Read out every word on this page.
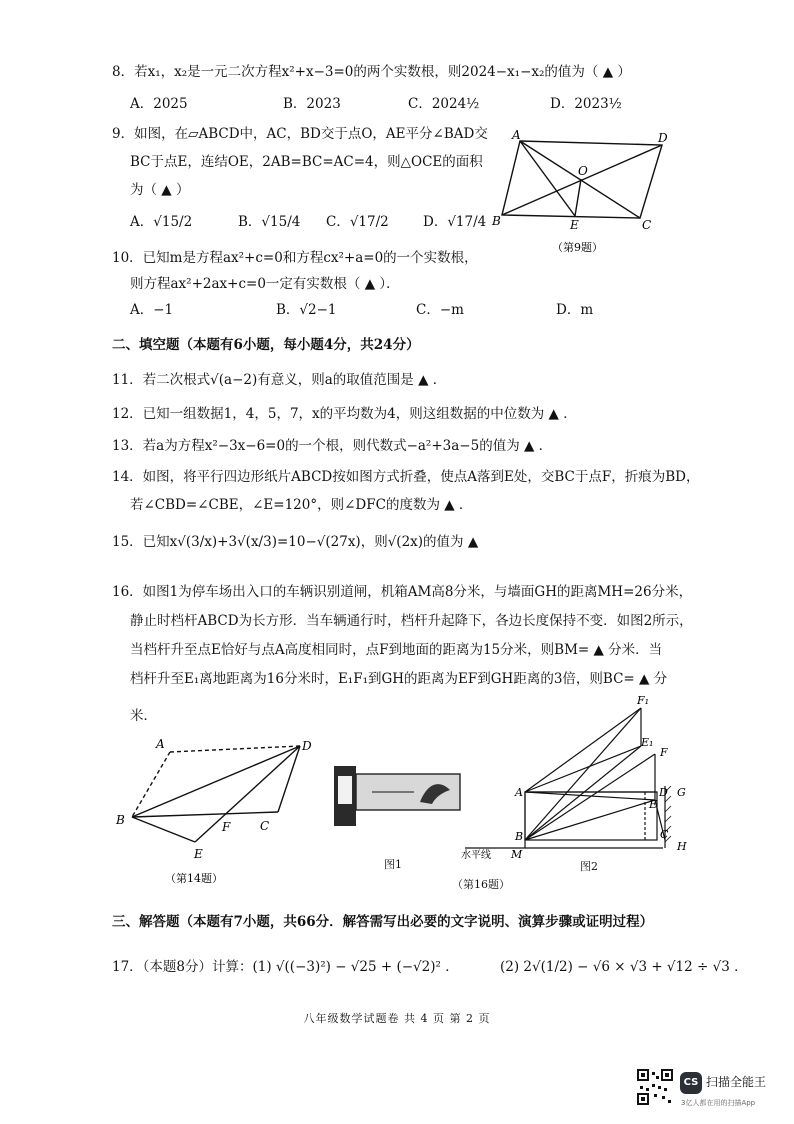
8．若x₁，x₂是一元二次方程x²+x−3=0的两个实数根，则2024−x₁−x₂的值为（ ▲ ）
A．2025	B．2023	C．2024½	D．2023½
9．如图，在▱ABCD中，AC，BD交于点O，AE平分∠BAD交
BC于点E，连结OE，2AB=BC=AC=4，则△OCE的面积
为（ ▲ ）
A．√15/2	B．√15/4 C．√17/2	D．√17/4
A	D
O
B	E	C
（第9题）
10．已知m是方程ax²+c=0和方程cx²+a=0的一个实数根，
则方程ax²+2ax+c=0一定有实数根（ ▲ ）．
A．−1	B．√2−1	C．−m	D．m
二、填空题（本题有6小题，每小题4分，共24分）
11．若二次根式√(a−2)有意义，则a的取值范围是 ▲ ．
12．已知一组数据1，4，5，7，x的平均数为4，则这组数据的中位数为 ▲ ．
13．若a为方程x²−3x−6=0的一个根，则代数式−a²+3a−5的值为 ▲ ．
14．如图，将平行四边形纸片ABCD按如图方式折叠，使点A落到E处，交BC于点F，折痕为BD，
若∠CBD=∠CBE，∠E=120°，则∠DFC的度数为 ▲ ．
15．已知x√(3/x)+3√(x/3)=10−√(27x)，则√(2x)的值为 ▲
16．如图1为停车场出入口的车辆识别道闸，机箱AM高8分米，与墙面GH的距离MH=26分米，
静止时档杆ABCD为长方形．当车辆通行时，档杆升起降下，各边长度保持不变．如图2所示，
当档杆升至点E恰好与点A高度相同时，点F到地面的距离为15分米，则BM= ▲ 分米．当
档杆升至E₁离地距离为16分米时，E₁F₁到GH的距离为EF到GH距离的3倍，则BC= ▲ 分
米．
A	D
B	F C
E
（第14题）
F₁
E₁
F
A	D G
E
B	C
M
H
水平线
图1	图2
（第16题）
三、解答题（本题有7小题，共66分．解答需写出必要的文字说明、演算步骤或证明过程）
17．（本题8分）计算：(1) √((−3)²) − √25 + (−√2)² ．	(2) 2√(1/2) − √6 × √3 + √12 ÷ √3 ．
八年级数学试题卷 共 4 页 第 2 页
CS 扫描全能王
3亿人都在用的扫描App
